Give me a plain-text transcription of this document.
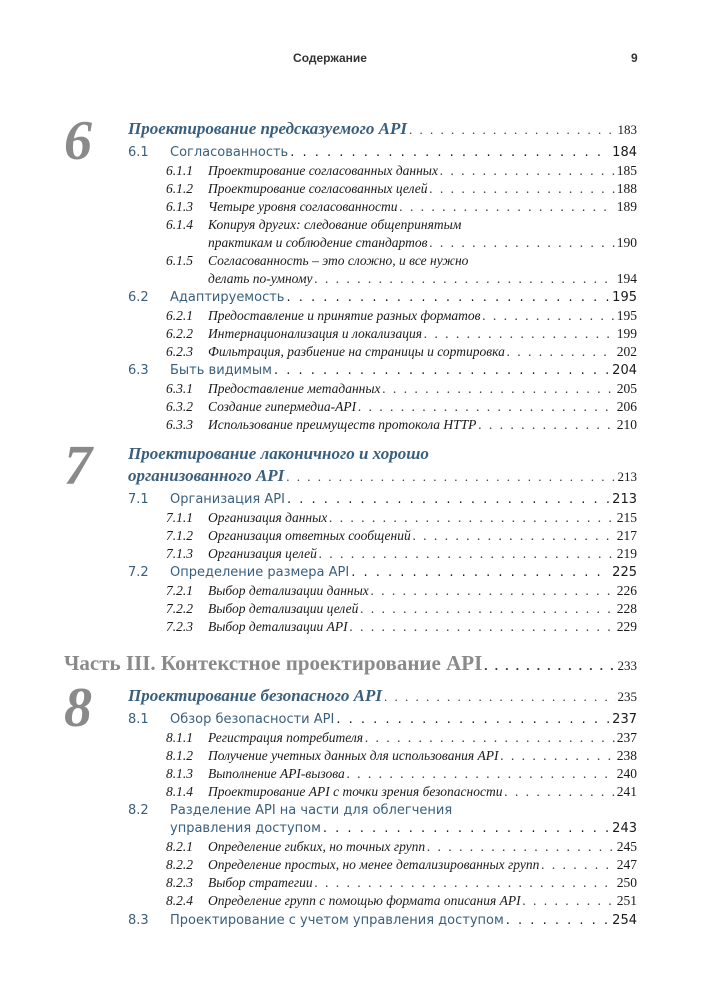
Содержание	9
6 Проектирование предсказуемого API . . .	183
6.1	Согласованность . . .	184
6.1.1	Проектирование согласованных данных . . .	185
6.1.2	Проектирование согласованных целей . . .	188
6.1.3	Четыре уровня согласованности . . .	189
6.1.4 Копируя других: следование общепринятым
практикам и соблюдение стандартов . . .	190
6.1.5 Согласованность – это сложно, и все нужно
делать по-умному . . .	194
6.2	Адаптируемость . . .	195
6.2.1	Предоставление и принятие разных форматов . . .	195
6.2.2	Интернационализация и локализация . . .	199
6.2.3	Фильтрация, разбиение на страницы и сортировка . . .	202
6.3	Быть видимым . . .	204
6.3.1	Предоставление метаданных . . .	205
6.3.2	Создание гипермедиа-API . . .	206
6.3.3	Использование преимуществ протокола HTTP . . .	210
7 Проектирование лаконичного и хорошо
организованного API . . .	213
7.1	Организация API . . .	213
7.1.1	Организация данных . . .	215
7.1.2	Организация ответных сообщений . . .	217
7.1.3	Организация целей . . .	219
7.2	Определение размера API . . .	225
7.2.1	Выбор детализации данных . . .	226
7.2.2	Выбор детализации целей . . .	228
7.2.3	Выбор детализации API . . .	229
Часть III. Контекстное проектирование API . . .	233
8 Проектирование безопасного API . . .	235
8.1	Обзор безопасности API . . .	237
8.1.1	Регистрация потребителя . . .	237
8.1.2	Получение учетных данных для использования API . . .	238
8.1.3	Выполнение API-вызова . . .	240
8.1.4	Проектирование API с точки зрения безопасности . . .	241
8.2 Разделение API на части для облегчения
управления доступом . . .	243
8.2.1	Определение гибких, но точных групп . . .	245
8.2.2	Определение простых, но менее детализированных групп . . .	247
8.2.3	Выбор стратегии . . .	250
8.2.4	Определение групп с помощью формата описания API . . .	251
8.3	Проектирование с учетом управления доступом . . .	254
